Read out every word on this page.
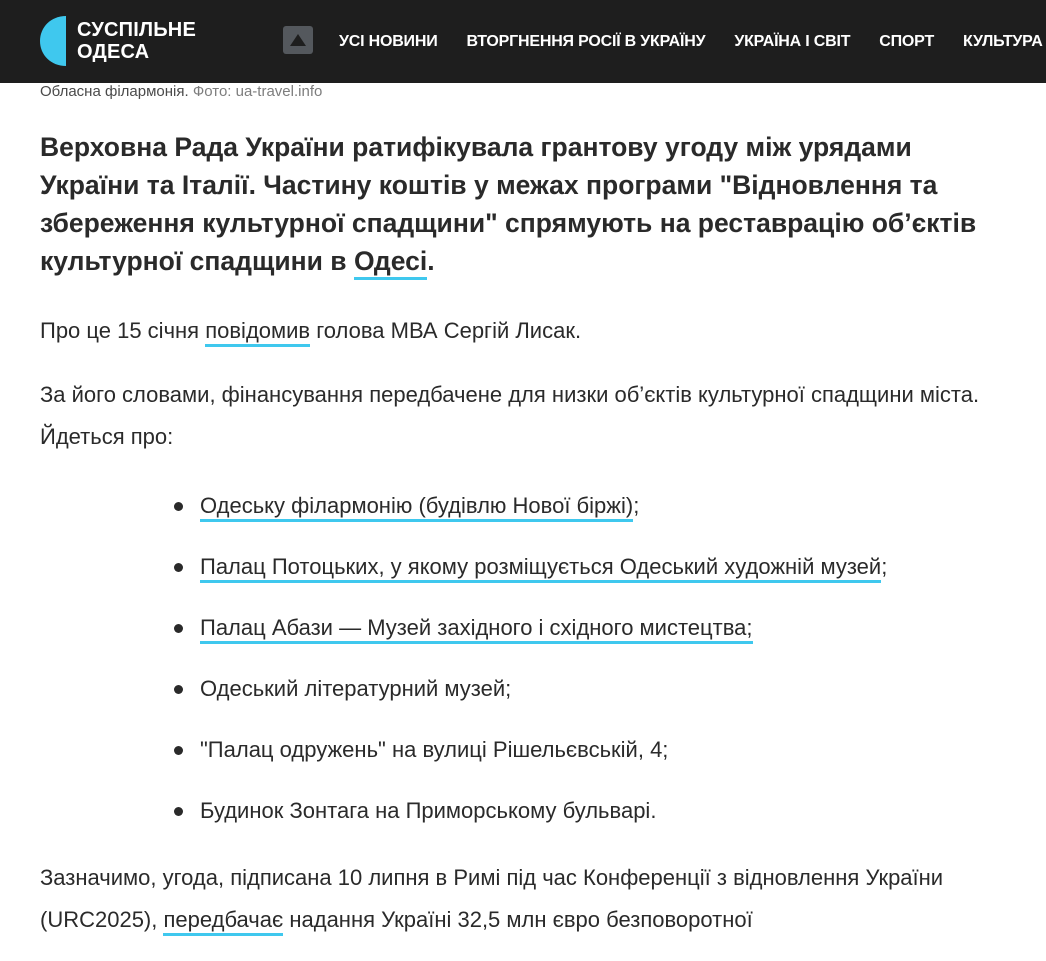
СУСПІЛЬНЕ
ОДЕСА	УСІ НОВИНИ ВТОРГНЕННЯ РОСІЇ В УКРАЇНУ УКРАЇНА І СВІТ СПОРТ КУЛЬТУРА
Обласна філармонія. Фото: ua-travel.info

Верховна Рада України ратифікувала грантову угоду між урядами України та Італії. Частину коштів у межах програми "Відновлення та збереження культурної спадщини" спрямують на реставрацію об’єктів культурної спадщини в Одесі.

Про це 15 січня повідомив голова МВА Сергій Лисак.

За його словами, фінансування передбачене для низки об’єктів культурної спадщини міста. Йдеться про:

Одеську філармонію (будівлю Нової біржі);
Палац Потоцьких, у якому розміщується Одеський художній музей;
Палац Абази — Музей західного і східного мистецтва;
Одеський літературний музей;
"Палац одружень" на вулиці Рішельєвській, 4;
Будинок Зонтага на Приморському бульварі.

Зазначимо, угода, підписана 10 липня в Римі під час Конференції з відновлення України (URC2025), передбачає надання Україні 32,5 млн євро безповоротної
